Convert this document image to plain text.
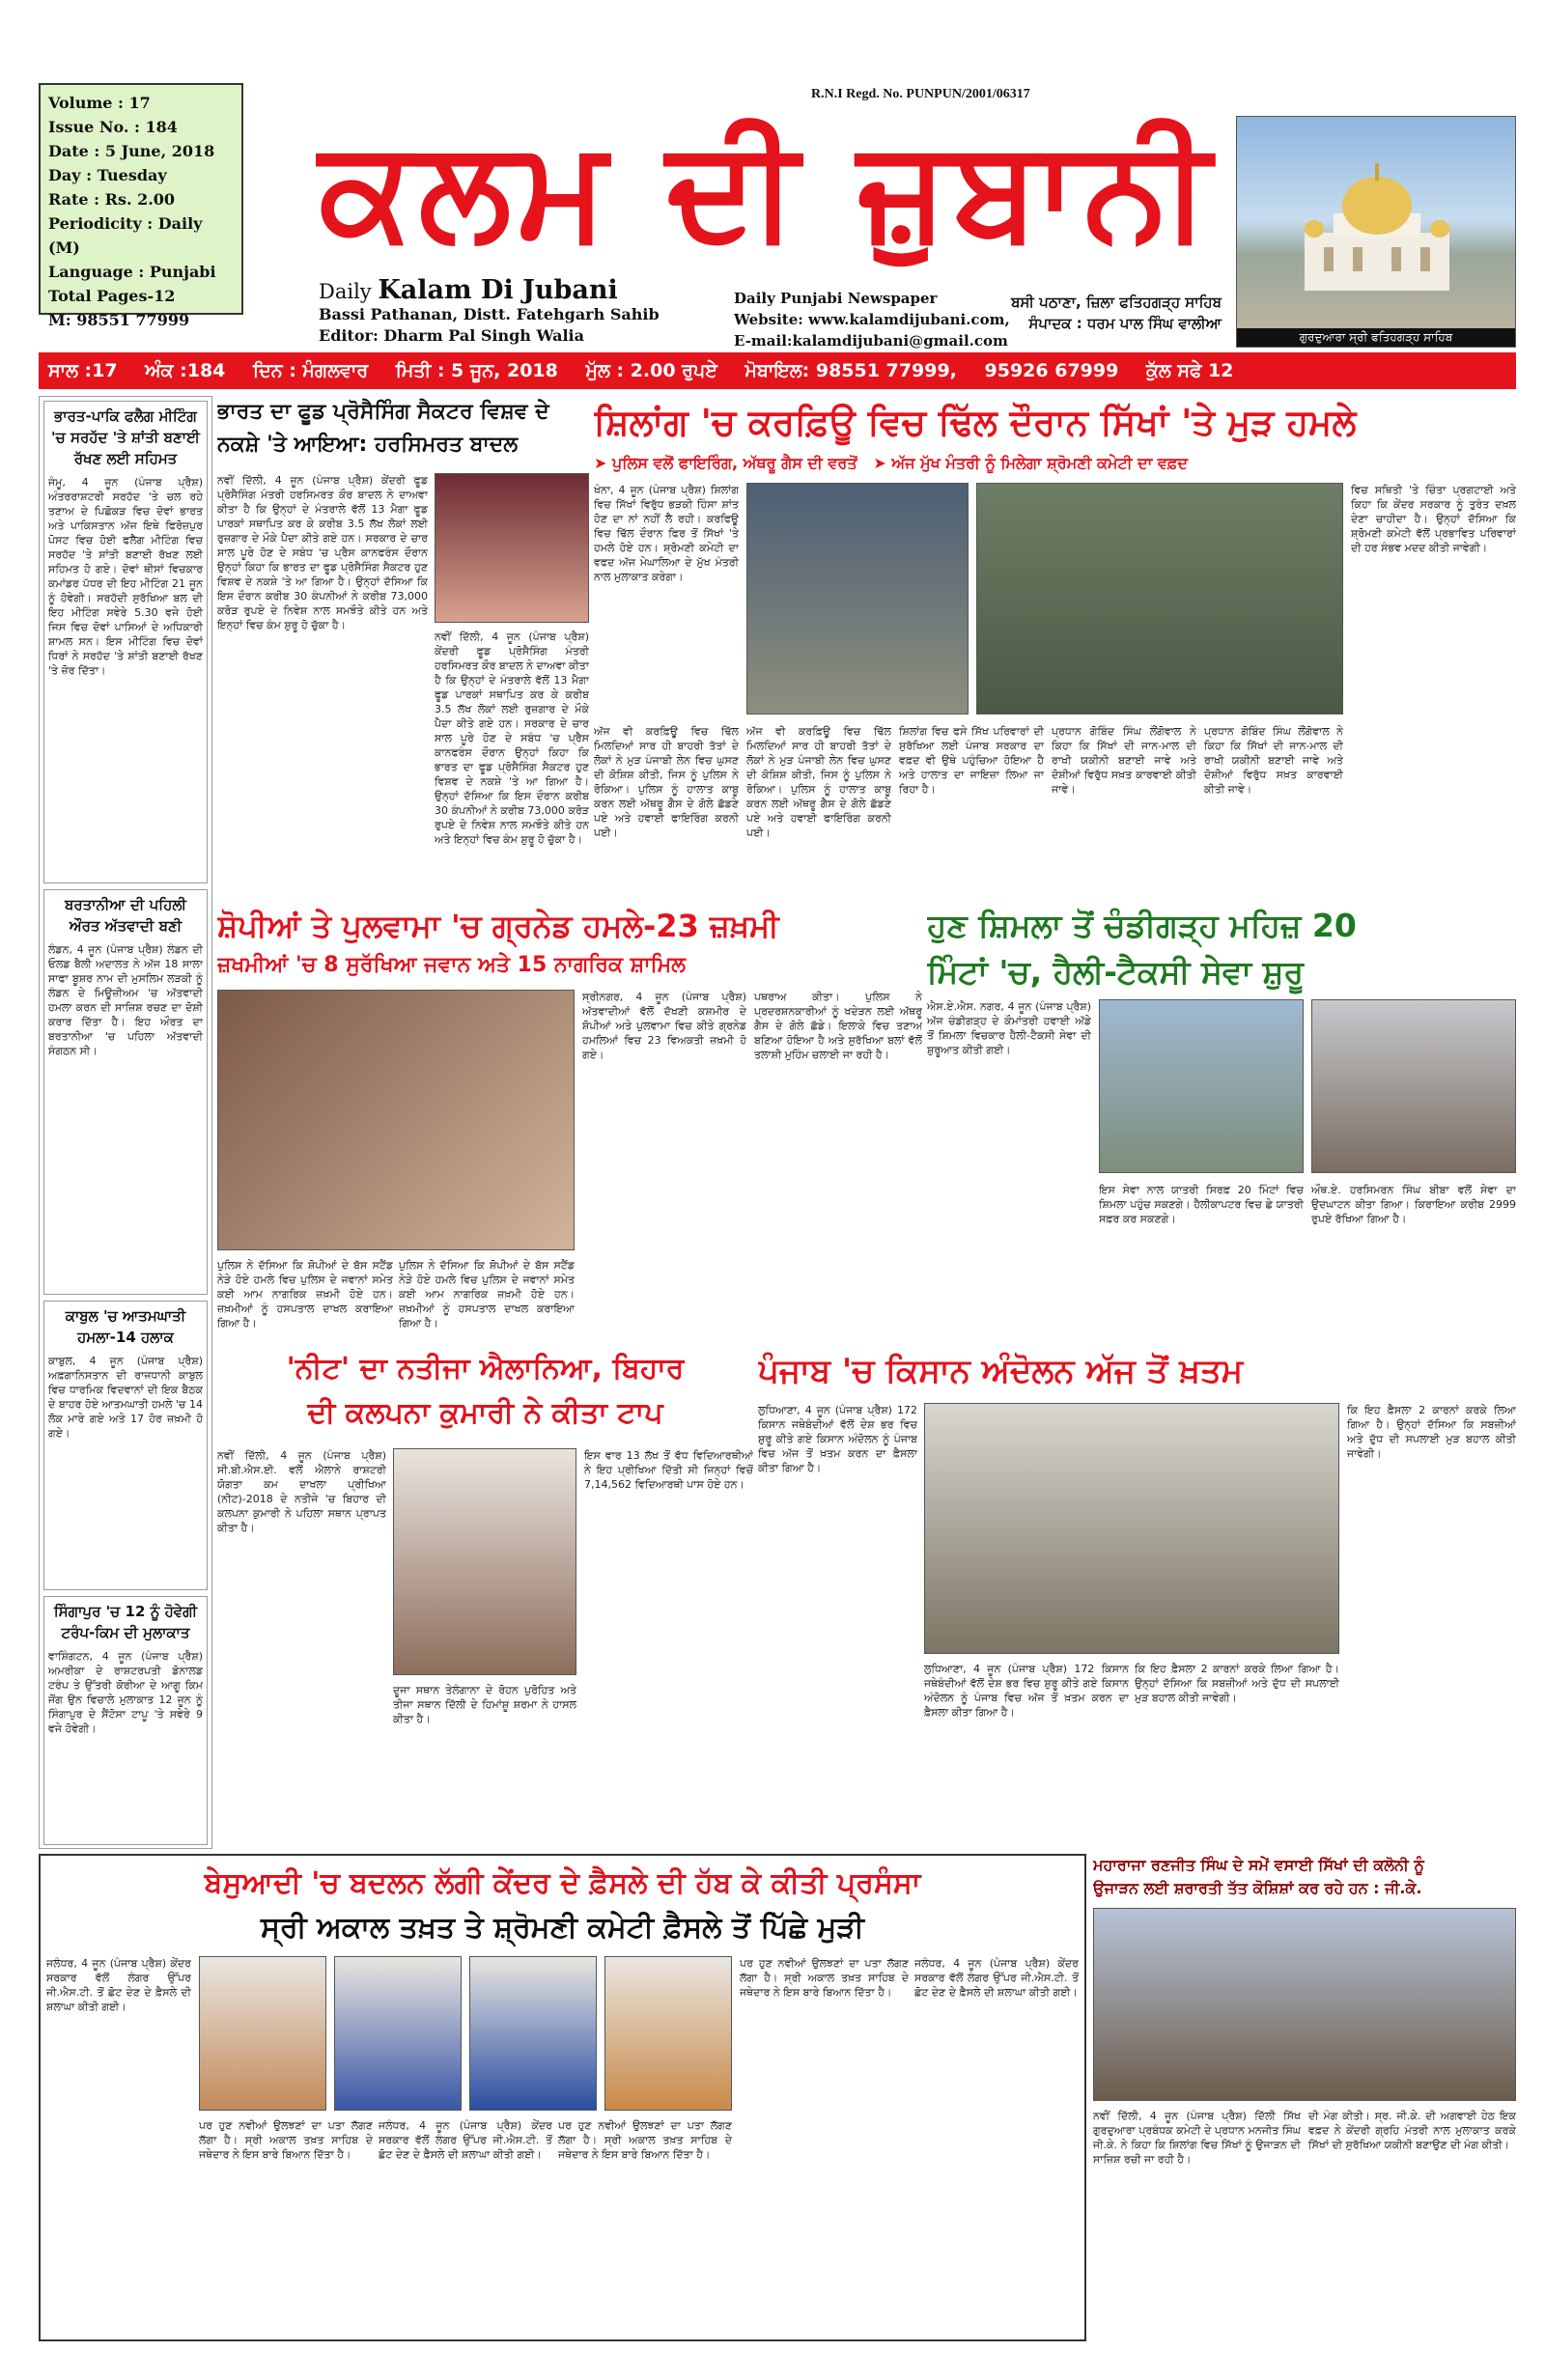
Volume : 17
Issue No. : 184
Date : 5 June, 2018
Day : Tuesday
Rate : Rs. 2.00
Periodicity : Daily (M)
Language : Punjabi
Total Pages-12
M: 98551 77999
R.N.I Regd. No. PUNPUN/2001/06317
ਕਲਮ ਦੀ ਜ਼ੁਬਾਨੀ
Daily Kalam Di Jubani
Bassi Pathanan, Distt. Fatehgarh Sahib
Editor: Dharm Pal Singh Walia
Daily Punjabi Newspaper
Website: www.kalamdijubani.com,
E-mail:kalamdijubani@gmail.com
ਬਸੀ ਪਠਾਣਾ, ਜ਼ਿਲਾ ਫਤਿਹਗੜ੍ਹ ਸਾਹਿਬ
ਸੰਪਾਦਕ : ਧਰਮ ਪਾਲ ਸਿੰਘ ਵਾਲੀਆ
ਗੁਰਦੁਆਰਾ ਸ੍ਰੀ ਫਤਿਹਗੜ੍ਹ ਸਾਹਿਬ
ਸਾਲ :17 ਅੰਕ :184 ਦਿਨ : ਮੰਗਲਵਾਰ ਮਿਤੀ : 5 ਜੂਨ, 2018 ਮੁੱਲ : 2.00 ਰੁਪਏ ਮੋਬਾਇਲ: 98551 77999, 95926 67999 ਕੁੱਲ ਸਫੇ 12
ਭਾਰਤ-ਪਾਕਿ ਫਲੈਗ ਮੀਟਿੰਗ 'ਚ ਸਰਹੱਦ 'ਤੇ ਸ਼ਾਂਤੀ ਬਣਾਈ ਰੱਖਣ ਲਈ ਸਹਿਮਤ
ਜੰਮੂ, 4 ਜੂਨ (ਪੰਜਾਬ ਪ੍ਰੈਸ਼) ਅੰਤਰਰਾਸ਼ਟਰੀ ਸਰਹੱਦ 'ਤੇ ਚਲ ਰਹੇ ਤਣਾਅ ਦੇ ਪਿਛੋਕੜ ਵਿਚ ਦੋਵਾਂ ਭਾਰਤ ਅਤੇ ਪਾਕਿਸਤਾਨ ਅੱਜ ਇਥੇ ਫਿਰੋਜ਼ਪੁਰ ਪੋਸਟ ਵਿਚ ਹੋਈ ਫਲੈਗ ਮੀਟਿੰਗ ਵਿਚ ਸਰਹੱਦ 'ਤੇ ਸ਼ਾਂਤੀ ਬਣਾਈ ਰੱਖਣ ਲਈ ਸਹਿਮਤ ਹੋ ਗਏ। ਦੋਵਾਂ ਥੀਸਾਂ ਵਿਚਕਾਰ ਕਮਾਂਡਰ ਪੱਧਰ ਦੀ ਇਹ ਮੀਟਿੰਗ 21 ਜੂਨ ਨੂੰ ਹੋਵੇਗੀ। ਸਰਹੱਦੀ ਸੁਰੱਖਿਆ ਬਲ ਦੀ ਇਹ ਮੀਟਿੰਗ ਸਵੇਰੇ 5.30 ਵਜੇ ਹੋਈ ਜਿਸ ਵਿਚ ਦੋਵਾਂ ਪਾਸਿਆਂ ਦੇ ਅਧਿਕਾਰੀ ਸ਼ਾਮਲ ਸਨ। ਇਸ ਮੀਟਿੰਗ ਵਿਚ ਦੋਵਾਂ ਧਿਰਾਂ ਨੇ ਸਰਹੱਦ 'ਤੇ ਸ਼ਾਂਤੀ ਬਣਾਈ ਰੱਖਣ 'ਤੇ ਜ਼ੋਰ ਦਿੱਤਾ।
ਬਰਤਾਨੀਆ ਦੀ ਪਹਿਲੀ ਔਰਤ ਅੱਤਵਾਦੀ ਬਣੀ
ਲੰਡਨ, 4 ਜੂਨ (ਪੰਜਾਬ ਪ੍ਰੈਸ਼) ਲੰਡਨ ਦੀ ਓਲਡ ਬੈਲੀ ਅਦਾਲਤ ਨੇ ਅੱਜ 18 ਸਾਲਾ ਸਾਫਾ ਬੂਸ਼ਰ ਨਾਮ ਦੀ ਮੁਸਲਿਮ ਲੜਕੀ ਨੂੰ ਲੰਡਨ ਦੇ ਮਿਊਜ਼ੀਅਮ 'ਚ ਅੱਤਵਾਦੀ ਹਮਲਾ ਕਰਨ ਦੀ ਸਾਜ਼ਿਸ਼ ਰਚਣ ਦਾ ਦੋਸ਼ੀ ਕਰਾਰ ਦਿੱਤਾ ਹੈ। ਇਹ ਔਰਤ ਦਾ ਬਰਤਾਨੀਆ 'ਚ ਪਹਿਲਾ ਅੱਤਵਾਦੀ ਸੰਗਠਨ ਸੀ।
ਕਾਬੁਲ 'ਚ ਆਤਮਘਾਤੀ ਹਮਲਾ-14 ਹਲਾਕ
ਕਾਬੁਲ, 4 ਜੂਨ (ਪੰਜਾਬ ਪ੍ਰੈਸ਼) ਅਫ਼ਗਾਨਿਸਤਾਨ ਦੀ ਰਾਜਧਾਨੀ ਕਾਬੁਲ ਵਿਚ ਧਾਰਮਿਕ ਵਿਦਵਾਨਾਂ ਦੀ ਇਕ ਬੈਠਕ ਦੇ ਬਾਹਰ ਹੋਏ ਆਤਮਘਾਤੀ ਹਮਲੇ 'ਚ 14 ਲੋਕ ਮਾਰੇ ਗਏ ਅਤੇ 17 ਹੋਰ ਜ਼ਖ਼ਮੀ ਹੋ ਗਏ।
ਸਿੰਗਾਪੁਰ 'ਚ 12 ਨੂੰ ਹੋਵੇਗੀ ਟਰੰਪ-ਕਿਮ ਦੀ ਮੁਲਾਕਾਤ
ਵਾਸ਼ਿੰਗਟਨ, 4 ਜੂਨ (ਪੰਜਾਬ ਪ੍ਰੈਸ਼) ਅਮਰੀਕਾ ਦੇ ਰਾਸ਼ਟਰਪਤੀ ਡੋਨਾਲਡ ਟਰੰਪ ਤੇ ਉੱਤਰੀ ਕੋਰੀਆ ਦੇ ਆਗੂ ਕਿਮ ਜੋਂਗ ਉਨ ਵਿਚਾਲੇ ਮੁਲਾਕਾਤ 12 ਜੂਨ ਨੂੰ ਸਿੰਗਾਪੁਰ ਦੇ ਸੈਂਟੋਸਾ ਟਾਪੂ 'ਤੇ ਸਵੇਰੇ 9 ਵਜੇ ਹੋਵੇਗੀ।
ਭਾਰਤ ਦਾ ਫੂਡ ਪ੍ਰੋਸੈਸਿੰਗ ਸੈਕਟਰ ਵਿਸ਼ਵ ਦੇ ਨਕਸ਼ੇ 'ਤੇ ਆਇਆ: ਹਰਸਿਮਰਤ ਬਾਦਲ
ਨਵੀਂ ਦਿੱਲੀ, 4 ਜੂਨ (ਪੰਜਾਬ ਪ੍ਰੈਸ਼) ਕੇਂਦਰੀ ਫੂਡ ਪ੍ਰੋਸੈਸਿੰਗ ਮੰਤਰੀ ਹਰਸਿਮਰਤ ਕੌਰ ਬਾਦਲ ਨੇ ਦਾਅਵਾ ਕੀਤਾ ਹੈ ਕਿ ਉਨ੍ਹਾਂ ਦੇ ਮੰਤਰਾਲੇ ਵੱਲੋਂ 13 ਮੈਗਾ ਫੂਡ ਪਾਰਕਾਂ ਸਥਾਪਿਤ ਕਰ ਕੇ ਕਰੀਬ 3.5 ਲੱਖ ਲੋਕਾਂ ਲਈ ਰੁਜ਼ਗਾਰ ਦੇ ਮੌਕੇ ਪੈਦਾ ਕੀਤੇ ਗਏ ਹਨ। ਸਰਕਾਰ ਦੇ ਚਾਰ ਸਾਲ ਪੂਰੇ ਹੋਣ ਦੇ ਸਬੰਧ 'ਚ ਪ੍ਰੈਸ ਕਾਨਫਰੰਸ ਦੌਰਾਨ ਉਨ੍ਹਾਂ ਕਿਹਾ ਕਿ ਭਾਰਤ ਦਾ ਫੂਡ ਪ੍ਰੋਸੈਸਿੰਗ ਸੈਕਟਰ ਹੁਣ ਵਿਸ਼ਵ ਦੇ ਨਕਸ਼ੇ 'ਤੇ ਆ ਗਿਆ ਹੈ। ਉਨ੍ਹਾਂ ਦੱਸਿਆ ਕਿ ਇਸ ਦੌਰਾਨ ਕਰੀਬ 30 ਕੰਪਨੀਆਂ ਨੇ ਕਰੀਬ 73,000 ਕਰੋੜ ਰੁਪਏ ਦੇ ਨਿਵੇਸ਼ ਨਾਲ ਸਮਝੌਤੇ ਕੀਤੇ ਹਨ ਅਤੇ ਇਨ੍ਹਾਂ ਵਿਚ ਕੰਮ ਸ਼ੁਰੂ ਹੋ ਚੁੱਕਾ ਹੈ।
ਨਵੀਂ ਦਿੱਲੀ, 4 ਜੂਨ (ਪੰਜਾਬ ਪ੍ਰੈਸ਼) ਕੇਂਦਰੀ ਫੂਡ ਪ੍ਰੋਸੈਸਿੰਗ ਮੰਤਰੀ ਹਰਸਿਮਰਤ ਕੌਰ ਬਾਦਲ ਨੇ ਦਾਅਵਾ ਕੀਤਾ ਹੈ ਕਿ ਉਨ੍ਹਾਂ ਦੇ ਮੰਤਰਾਲੇ ਵੱਲੋਂ 13 ਮੈਗਾ ਫੂਡ ਪਾਰਕਾਂ ਸਥਾਪਿਤ ਕਰ ਕੇ ਕਰੀਬ 3.5 ਲੱਖ ਲੋਕਾਂ ਲਈ ਰੁਜ਼ਗਾਰ ਦੇ ਮੌਕੇ ਪੈਦਾ ਕੀਤੇ ਗਏ ਹਨ। ਸਰਕਾਰ ਦੇ ਚਾਰ ਸਾਲ ਪੂਰੇ ਹੋਣ ਦੇ ਸਬੰਧ 'ਚ ਪ੍ਰੈਸ ਕਾਨਫਰੰਸ ਦੌਰਾਨ ਉਨ੍ਹਾਂ ਕਿਹਾ ਕਿ ਭਾਰਤ ਦਾ ਫੂਡ ਪ੍ਰੋਸੈਸਿੰਗ ਸੈਕਟਰ ਹੁਣ ਵਿਸ਼ਵ ਦੇ ਨਕਸ਼ੇ 'ਤੇ ਆ ਗਿਆ ਹੈ। ਉਨ੍ਹਾਂ ਦੱਸਿਆ ਕਿ ਇਸ ਦੌਰਾਨ ਕਰੀਬ 30 ਕੰਪਨੀਆਂ ਨੇ ਕਰੀਬ 73,000 ਕਰੋੜ ਰੁਪਏ ਦੇ ਨਿਵੇਸ਼ ਨਾਲ ਸਮਝੌਤੇ ਕੀਤੇ ਹਨ ਅਤੇ ਇਨ੍ਹਾਂ ਵਿਚ ਕੰਮ ਸ਼ੁਰੂ ਹੋ ਚੁੱਕਾ ਹੈ।
ਸ਼ਿਲਾਂਗ 'ਚ ਕਰਫ਼ਿਊ ਵਿਚ ਢਿੱਲ ਦੌਰਾਨ ਸਿੱਖਾਂ 'ਤੇ ਮੁੜ ਹਮਲੇ
➤ ਪੁਲਿਸ ਵਲੋਂ ਫਾਇਰਿੰਗ, ਅੱਥਰੂ ਗੈਸ ਦੀ ਵਰਤੋਂ ➤ ਅੱਜ ਮੁੱਖ ਮੰਤਰੀ ਨੂੰ ਮਿਲੇਗਾ ਸ਼੍ਰੋਮਣੀ ਕਮੇਟੀ ਦਾ ਵਫ਼ਦ
ਖੰਨਾ, 4 ਜੂਨ (ਪੰਜਾਬ ਪ੍ਰੈਸ਼) ਸ਼ਿਲਾਂਗ ਵਿਚ ਸਿੱਖਾਂ ਵਿਰੁੱਧ ਭੜਕੀ ਹਿੰਸਾ ਸ਼ਾਂਤ ਹੋਣ ਦਾ ਨਾਂ ਨਹੀਂ ਲੈ ਰਹੀ। ਕਰਫਿਊ ਵਿਚ ਢਿੱਲ ਦੌਰਾਨ ਫਿਰ ਤੋਂ ਸਿੱਖਾਂ 'ਤੇ ਹਮਲੇ ਹੋਏ ਹਨ। ਸ਼੍ਰੋਮਣੀ ਕਮੇਟੀ ਦਾ ਵਫਦ ਅੱਜ ਮੇਘਾਲਿਆ ਦੇ ਮੁੱਖ ਮੰਤਰੀ ਨਾਲ ਮੁਲਾਕਾਤ ਕਰੇਗਾ।
ਵਿਚ ਸਥਿਤੀ 'ਤੇ ਚਿੰਤਾ ਪ੍ਰਗਟਾਈ ਅਤੇ ਕਿਹਾ ਕਿ ਕੇਂਦਰ ਸਰਕਾਰ ਨੂੰ ਤੁਰੰਤ ਦਖ਼ਲ ਦੇਣਾ ਚਾਹੀਦਾ ਹੈ। ਉਨ੍ਹਾਂ ਦੱਸਿਆ ਕਿ ਸ਼੍ਰੋਮਣੀ ਕਮੇਟੀ ਵੱਲੋਂ ਪ੍ਰਭਾਵਿਤ ਪਰਿਵਾਰਾਂ ਦੀ ਹਰ ਸੰਭਵ ਮਦਦ ਕੀਤੀ ਜਾਵੇਗੀ।
ਅੱਜ ਵੀ ਕਰਫ਼ਿਊ ਵਿਚ ਢਿੱਲ ਮਿਲਦਿਆਂ ਸਾਰ ਹੀ ਬਾਹਰੀ ਤੱਤਾਂ ਦੇ ਲੋਕਾਂ ਨੇ ਮੁੜ ਪੰਜਾਬੀ ਲੇਨ ਵਿਚ ਘੁਸਣ ਦੀ ਕੋਸ਼ਿਸ਼ ਕੀਤੀ, ਜਿਸ ਨੂੰ ਪੁਲਿਸ ਨੇ ਰੋਕਿਆ। ਪੁਲਿਸ ਨੂੰ ਹਾਲਾਤ ਕਾਬੂ ਕਰਨ ਲਈ ਅੱਥਰੂ ਗੈਸ ਦੇ ਗੋਲੇ ਛੱਡਣੇ ਪਏ ਅਤੇ ਹਵਾਈ ਫਾਇਰਿੰਗ ਕਰਨੀ ਪਈ।
ਅੱਜ ਵੀ ਕਰਫ਼ਿਊ ਵਿਚ ਢਿੱਲ ਮਿਲਦਿਆਂ ਸਾਰ ਹੀ ਬਾਹਰੀ ਤੱਤਾਂ ਦੇ ਲੋਕਾਂ ਨੇ ਮੁੜ ਪੰਜਾਬੀ ਲੇਨ ਵਿਚ ਘੁਸਣ ਦੀ ਕੋਸ਼ਿਸ਼ ਕੀਤੀ, ਜਿਸ ਨੂੰ ਪੁਲਿਸ ਨੇ ਰੋਕਿਆ। ਪੁਲਿਸ ਨੂੰ ਹਾਲਾਤ ਕਾਬੂ ਕਰਨ ਲਈ ਅੱਥਰੂ ਗੈਸ ਦੇ ਗੋਲੇ ਛੱਡਣੇ ਪਏ ਅਤੇ ਹਵਾਈ ਫਾਇਰਿੰਗ ਕਰਨੀ ਪਈ।
ਸ਼ਿਲਾਂਗ ਵਿਚ ਫਸੇ ਸਿੱਖ ਪਰਿਵਾਰਾਂ ਦੀ ਸੁਰੱਖਿਆ ਲਈ ਪੰਜਾਬ ਸਰਕਾਰ ਦਾ ਵਫ਼ਦ ਵੀ ਉਥੇ ਪਹੁੰਚਿਆ ਹੋਇਆ ਹੈ ਅਤੇ ਹਾਲਾਤ ਦਾ ਜਾਇਜ਼ਾ ਲਿਆ ਜਾ ਰਿਹਾ ਹੈ।
ਪ੍ਰਧਾਨ ਗੋਬਿੰਦ ਸਿੰਘ ਲੌਂਗੋਵਾਲ ਨੇ ਕਿਹਾ ਕਿ ਸਿੱਖਾਂ ਦੀ ਜਾਨ-ਮਾਲ ਦੀ ਰਾਖੀ ਯਕੀਨੀ ਬਣਾਈ ਜਾਵੇ ਅਤੇ ਦੋਸ਼ੀਆਂ ਵਿਰੁੱਧ ਸਖ਼ਤ ਕਾਰਵਾਈ ਕੀਤੀ ਜਾਵੇ।
ਪ੍ਰਧਾਨ ਗੋਬਿੰਦ ਸਿੰਘ ਲੌਂਗੋਵਾਲ ਨੇ ਕਿਹਾ ਕਿ ਸਿੱਖਾਂ ਦੀ ਜਾਨ-ਮਾਲ ਦੀ ਰਾਖੀ ਯਕੀਨੀ ਬਣਾਈ ਜਾਵੇ ਅਤੇ ਦੋਸ਼ੀਆਂ ਵਿਰੁੱਧ ਸਖ਼ਤ ਕਾਰਵਾਈ ਕੀਤੀ ਜਾਵੇ।
ਸ਼ੋਪੀਆਂ ਤੇ ਪੁਲਵਾਮਾ 'ਚ ਗ੍ਰਨੇਡ ਹਮਲੇ-23 ਜ਼ਖ਼ਮੀ
ਜ਼ਖਮੀਆਂ 'ਚ 8 ਸੁਰੱਖਿਆ ਜਵਾਨ ਅਤੇ 15 ਨਾਗਰਿਕ ਸ਼ਾਮਿਲ
ਸ੍ਰੀਨਗਰ, 4 ਜੂਨ (ਪੰਜਾਬ ਪ੍ਰੈਸ਼) ਅੱਤਵਾਦੀਆਂ ਵੱਲੋਂ ਦੱਖਣੀ ਕਸ਼ਮੀਰ ਦੇ ਸ਼ੋਪੀਆਂ ਅਤੇ ਪੁਲਵਾਮਾ ਵਿਚ ਕੀਤੇ ਗ੍ਰਨੇਡ ਹਮਲਿਆਂ ਵਿਚ 23 ਵਿਅਕਤੀ ਜ਼ਖ਼ਮੀ ਹੋ ਗਏ।
ਪਥਰਾਅ ਕੀਤਾ। ਪੁਲਿਸ ਨੇ ਪ੍ਰਦਰਸ਼ਨਕਾਰੀਆਂ ਨੂੰ ਖਦੇੜਨ ਲਈ ਅੱਥਰੂ ਗੈਸ ਦੇ ਗੋਲੇ ਛੱਡੇ। ਇਲਾਕੇ ਵਿਚ ਤਣਾਅ ਬਣਿਆ ਹੋਇਆ ਹੈ ਅਤੇ ਸੁਰੱਖਿਆ ਬਲਾਂ ਵੱਲੋਂ ਤਲਾਸ਼ੀ ਮੁਹਿੰਮ ਚਲਾਈ ਜਾ ਰਹੀ ਹੈ।
ਪੁਲਿਸ ਨੇ ਦੱਸਿਆ ਕਿ ਸ਼ੋਪੀਆਂ ਦੇ ਬੱਸ ਸਟੈਂਡ ਨੇੜੇ ਹੋਏ ਹਮਲੇ ਵਿਚ ਪੁਲਿਸ ਦੇ ਜਵਾਨਾਂ ਸਮੇਤ ਕਈ ਆਮ ਨਾਗਰਿਕ ਜ਼ਖ਼ਮੀ ਹੋਏ ਹਨ। ਜ਼ਖ਼ਮੀਆਂ ਨੂੰ ਹਸਪਤਾਲ ਦਾਖਲ ਕਰਾਇਆ ਗਿਆ ਹੈ।
ਪੁਲਿਸ ਨੇ ਦੱਸਿਆ ਕਿ ਸ਼ੋਪੀਆਂ ਦੇ ਬੱਸ ਸਟੈਂਡ ਨੇੜੇ ਹੋਏ ਹਮਲੇ ਵਿਚ ਪੁਲਿਸ ਦੇ ਜਵਾਨਾਂ ਸਮੇਤ ਕਈ ਆਮ ਨਾਗਰਿਕ ਜ਼ਖ਼ਮੀ ਹੋਏ ਹਨ। ਜ਼ਖ਼ਮੀਆਂ ਨੂੰ ਹਸਪਤਾਲ ਦਾਖਲ ਕਰਾਇਆ ਗਿਆ ਹੈ।
ਹੁਣ ਸ਼ਿਮਲਾ ਤੋਂ ਚੰਡੀਗੜ੍ਹ ਮਹਿਜ਼ 20
ਮਿੰਟਾਂ 'ਚ, ਹੈਲੀ-ਟੈਕਸੀ ਸੇਵਾ ਸ਼ੁਰੂ
ਐਸ.ਏ.ਐਸ. ਨਗਰ, 4 ਜੂਨ (ਪੰਜਾਬ ਪ੍ਰੈਸ਼) ਅੱਜ ਚੰਡੀਗੜ੍ਹ ਦੇ ਕੌਮਾਂਤਰੀ ਹਵਾਈ ਅੱਡੇ ਤੋਂ ਸ਼ਿਮਲਾ ਵਿਚਕਾਰ ਹੈਲੀ-ਟੈਕਸੀ ਸੇਵਾ ਦੀ ਸ਼ੁਰੂਆਤ ਕੀਤੀ ਗਈ।
ਇਸ ਸੇਵਾ ਨਾਲ ਯਾਤਰੀ ਸਿਰਫ਼ 20 ਮਿੰਟਾਂ ਵਿਚ ਸ਼ਿਮਲਾ ਪਹੁੰਚ ਸਕਣਗੇ। ਹੈਲੀਕਾਪਟਰ ਵਿਚ ਛੇ ਯਾਤਰੀ ਸਫ਼ਰ ਕਰ ਸਕਣਗੇ।
ਔਥ.ਏ. ਹਰਸਿਮਰਨ ਸਿੰਘ ਬੀਬਾ ਵਲੋਂ ਸੇਵਾ ਦਾ ਉਦਘਾਟਨ ਕੀਤਾ ਗਿਆ। ਕਿਰਾਇਆ ਕਰੀਬ 2999 ਰੁਪਏ ਰੱਖਿਆ ਗਿਆ ਹੈ।
'ਨੀਟ' ਦਾ ਨਤੀਜਾ ਐਲਾਨਿਆ, ਬਿਹਾਰ
ਦੀ ਕਲਪਨਾ ਕੁਮਾਰੀ ਨੇ ਕੀਤਾ ਟਾਪ
ਨਵੀਂ ਦਿੱਲੀ, 4 ਜੂਨ (ਪੰਜਾਬ ਪ੍ਰੈਸ਼) ਸੀ.ਬੀ.ਐਸ.ਈ. ਵਲੋਂ ਐਲਾਨੇ ਰਾਸ਼ਟਰੀ ਯੋਗਤਾ ਕਮ ਦਾਖਲਾ ਪ੍ਰੀਖਿਆ (ਨੀਟ)-2018 ਦੇ ਨਤੀਜੇ 'ਚ ਬਿਹਾਰ ਦੀ ਕਲਪਨਾ ਕੁਮਾਰੀ ਨੇ ਪਹਿਲਾ ਸਥਾਨ ਪ੍ਰਾਪਤ ਕੀਤਾ ਹੈ।
ਇਸ ਵਾਰ 13 ਲੱਖ ਤੋਂ ਵੱਧ ਵਿਦਿਆਰਥੀਆਂ ਨੇ ਇਹ ਪ੍ਰੀਖਿਆ ਦਿੱਤੀ ਸੀ ਜਿਨ੍ਹਾਂ ਵਿਚੋਂ 7,14,562 ਵਿਦਿਆਰਥੀ ਪਾਸ ਹੋਏ ਹਨ।
ਦੂਜਾ ਸਥਾਨ ਤੇਲੰਗਾਨਾ ਦੇ ਰੋਹਨ ਪੁਰੋਹਿਤ ਅਤੇ ਤੀਜਾ ਸਥਾਨ ਦਿੱਲੀ ਦੇ ਹਿਮਾਂਸ਼ੂ ਸ਼ਰਮਾ ਨੇ ਹਾਸਲ ਕੀਤਾ ਹੈ।
ਪੰਜਾਬ 'ਚ ਕਿਸਾਨ ਅੰਦੋਲਨ ਅੱਜ ਤੋਂ ਖ਼ਤਮ
ਲੁਧਿਆਣਾ, 4 ਜੂਨ (ਪੰਜਾਬ ਪ੍ਰੈਸ਼) 172 ਕਿਸਾਨ ਜਥੇਬੰਦੀਆਂ ਵੱਲੋਂ ਦੇਸ਼ ਭਰ ਵਿਚ ਸ਼ੁਰੂ ਕੀਤੇ ਗਏ ਕਿਸਾਨ ਅੰਦੋਲਨ ਨੂੰ ਪੰਜਾਬ ਵਿਚ ਅੱਜ ਤੋਂ ਖ਼ਤਮ ਕਰਨ ਦਾ ਫ਼ੈਸਲਾ ਕੀਤਾ ਗਿਆ ਹੈ।
ਕਿ ਇਹ ਫ਼ੈਸਲਾ 2 ਕਾਰਨਾਂ ਕਰਕੇ ਲਿਆ ਗਿਆ ਹੈ। ਉਨ੍ਹਾਂ ਦੱਸਿਆ ਕਿ ਸਬਜ਼ੀਆਂ ਅਤੇ ਦੁੱਧ ਦੀ ਸਪਲਾਈ ਮੁੜ ਬਹਾਲ ਕੀਤੀ ਜਾਵੇਗੀ।
ਲੁਧਿਆਣਾ, 4 ਜੂਨ (ਪੰਜਾਬ ਪ੍ਰੈਸ਼) 172 ਕਿਸਾਨ ਜਥੇਬੰਦੀਆਂ ਵੱਲੋਂ ਦੇਸ਼ ਭਰ ਵਿਚ ਸ਼ੁਰੂ ਕੀਤੇ ਗਏ ਕਿਸਾਨ ਅੰਦੋਲਨ ਨੂੰ ਪੰਜਾਬ ਵਿਚ ਅੱਜ ਤੋਂ ਖ਼ਤਮ ਕਰਨ ਦਾ ਫ਼ੈਸਲਾ ਕੀਤਾ ਗਿਆ ਹੈ।
ਕਿ ਇਹ ਫ਼ੈਸਲਾ 2 ਕਾਰਨਾਂ ਕਰਕੇ ਲਿਆ ਗਿਆ ਹੈ। ਉਨ੍ਹਾਂ ਦੱਸਿਆ ਕਿ ਸਬਜ਼ੀਆਂ ਅਤੇ ਦੁੱਧ ਦੀ ਸਪਲਾਈ ਮੁੜ ਬਹਾਲ ਕੀਤੀ ਜਾਵੇਗੀ।
ਬੇਸੁਆਦੀ 'ਚ ਬਦਲਨ ਲੱਗੀ ਕੇਂਦਰ ਦੇ ਫ਼ੈਸਲੇ ਦੀ ਹੱਬ ਕੇ ਕੀਤੀ ਪ੍ਰਸੰਸਾ
ਸ੍ਰੀ ਅਕਾਲ ਤਖ਼ਤ ਤੇ ਸ਼੍ਰੋਮਣੀ ਕਮੇਟੀ ਫ਼ੈਸਲੇ ਤੋਂ ਪਿੱਛੇ ਮੁੜੀ
ਜਲੰਧਰ, 4 ਜੂਨ (ਪੰਜਾਬ ਪ੍ਰੈਸ਼) ਕੇਂਦਰ ਸਰਕਾਰ ਵੱਲੋਂ ਲੰਗਰ ਉੱਪਰ ਜੀ.ਐਸ.ਟੀ. ਤੋਂ ਛੋਟ ਦੇਣ ਦੇ ਫ਼ੈਸਲੇ ਦੀ ਸ਼ਲਾਘਾ ਕੀਤੀ ਗਈ।
ਪਰ ਹੁਣ ਨਵੀਆਂ ਉਲਝਣਾਂ ਦਾ ਪਤਾ ਲੱਗਣ ਲੱਗਾ ਹੈ। ਸ੍ਰੀ ਅਕਾਲ ਤਖ਼ਤ ਸਾਹਿਬ ਦੇ ਜਥੇਦਾਰ ਨੇ ਇਸ ਬਾਰੇ ਬਿਆਨ ਦਿੱਤਾ ਹੈ।
ਜਲੰਧਰ, 4 ਜੂਨ (ਪੰਜਾਬ ਪ੍ਰੈਸ਼) ਕੇਂਦਰ ਸਰਕਾਰ ਵੱਲੋਂ ਲੰਗਰ ਉੱਪਰ ਜੀ.ਐਸ.ਟੀ. ਤੋਂ ਛੋਟ ਦੇਣ ਦੇ ਫ਼ੈਸਲੇ ਦੀ ਸ਼ਲਾਘਾ ਕੀਤੀ ਗਈ।
ਪਰ ਹੁਣ ਨਵੀਆਂ ਉਲਝਣਾਂ ਦਾ ਪਤਾ ਲੱਗਣ ਲੱਗਾ ਹੈ। ਸ੍ਰੀ ਅਕਾਲ ਤਖ਼ਤ ਸਾਹਿਬ ਦੇ ਜਥੇਦਾਰ ਨੇ ਇਸ ਬਾਰੇ ਬਿਆਨ ਦਿੱਤਾ ਹੈ।
ਜਲੰਧਰ, 4 ਜੂਨ (ਪੰਜਾਬ ਪ੍ਰੈਸ਼) ਕੇਂਦਰ ਸਰਕਾਰ ਵੱਲੋਂ ਲੰਗਰ ਉੱਪਰ ਜੀ.ਐਸ.ਟੀ. ਤੋਂ ਛੋਟ ਦੇਣ ਦੇ ਫ਼ੈਸਲੇ ਦੀ ਸ਼ਲਾਘਾ ਕੀਤੀ ਗਈ।
ਪਰ ਹੁਣ ਨਵੀਆਂ ਉਲਝਣਾਂ ਦਾ ਪਤਾ ਲੱਗਣ ਲੱਗਾ ਹੈ। ਸ੍ਰੀ ਅਕਾਲ ਤਖ਼ਤ ਸਾਹਿਬ ਦੇ ਜਥੇਦਾਰ ਨੇ ਇਸ ਬਾਰੇ ਬਿਆਨ ਦਿੱਤਾ ਹੈ।
ਮਹਾਰਾਜਾ ਰਣਜੀਤ ਸਿੰਘ ਦੇ ਸਮੇਂ ਵਸਾਈ ਸਿੱਖਾਂ ਦੀ ਕਲੋਨੀ ਨੂੰ
ਉਜਾੜਨ ਲਈ ਸ਼ਰਾਰਤੀ ਤੱਤ ਕੋਸ਼ਿਸ਼ਾਂ ਕਰ ਰਹੇ ਹਨ : ਜੀ.ਕੇ.
ਨਵੀਂ ਦਿੱਲੀ, 4 ਜੂਨ (ਪੰਜਾਬ ਪ੍ਰੈਸ਼) ਦਿੱਲੀ ਸਿੱਖ ਗੁਰਦੁਆਰਾ ਪ੍ਰਬੰਧਕ ਕਮੇਟੀ ਦੇ ਪ੍ਰਧਾਨ ਮਨਜੀਤ ਸਿੰਘ ਜੀ.ਕੇ. ਨੇ ਕਿਹਾ ਕਿ ਸ਼ਿਲਾਂਗ ਵਿਚ ਸਿੱਖਾਂ ਨੂੰ ਉਜਾੜਨ ਦੀ ਸਾਜ਼ਿਸ਼ ਰਚੀ ਜਾ ਰਹੀ ਹੈ।
ਦੀ ਮੰਗ ਕੀਤੀ। ਸ੍ਰ. ਜੀ.ਕੇ. ਦੀ ਅਗਵਾਈ ਹੇਠ ਇਕ ਵਫ਼ਦ ਨੇ ਕੇਂਦਰੀ ਗ੍ਰਹਿ ਮੰਤਰੀ ਨਾਲ ਮੁਲਾਕਾਤ ਕਰਕੇ ਸਿੱਖਾਂ ਦੀ ਸੁਰੱਖਿਆ ਯਕੀਨੀ ਬਣਾਉਣ ਦੀ ਮੰਗ ਕੀਤੀ।
